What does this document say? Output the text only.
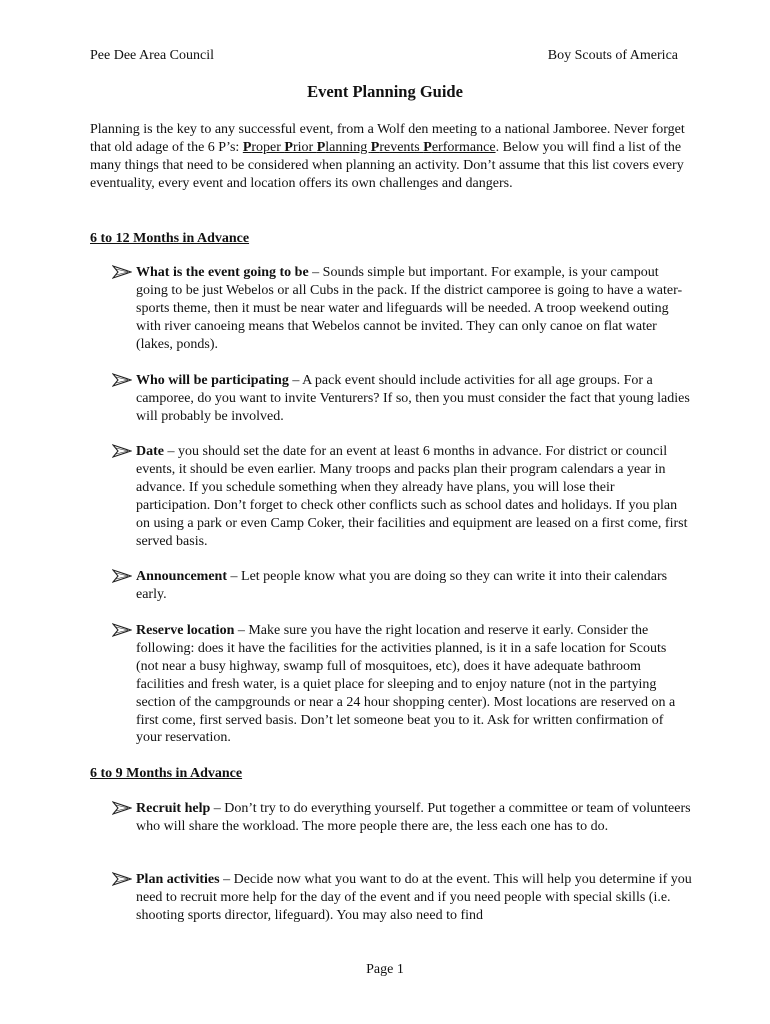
Pee Dee Area Council	Boy Scouts of America
Event Planning Guide
Planning is the key to any successful event, from a Wolf den meeting to a national Jamboree. Never forget that old adage of the 6 P’s: Proper Prior Planning Prevents Performance. Below you will find a list of the many things that need to be considered when planning an activity. Don’t assume that this list covers every eventuality, every event and location offers its own challenges and dangers.
6 to 12 Months in Advance
What is the event going to be – Sounds simple but important. For example, is your campout going to be just Webelos or all Cubs in the pack. If the district camporee is going to have a water-sports theme, then it must be near water and lifeguards will be needed. A troop weekend outing with river canoeing means that Webelos cannot be invited. They can only canoe on flat water (lakes, ponds).
Who will be participating – A pack event should include activities for all age groups. For a camporee, do you want to invite Venturers? If so, then you must consider the fact that young ladies will probably be involved.
Date – you should set the date for an event at least 6 months in advance. For district or council events, it should be even earlier. Many troops and packs plan their program calendars a year in advance. If you schedule something when they already have plans, you will lose their participation. Don’t forget to check other conflicts such as school dates and holidays. If you plan on using a park or even Camp Coker, their facilities and equipment are leased on a first come, first served basis.
Announcement – Let people know what you are doing so they can write it into their calendars early.
Reserve location – Make sure you have the right location and reserve it early. Consider the following: does it have the facilities for the activities planned, is it in a safe location for Scouts (not near a busy highway, swamp full of mosquitoes, etc), does it have adequate bathroom facilities and fresh water, is a quiet place for sleeping and to enjoy nature (not in the partying section of the campgrounds or near a 24 hour shopping center). Most locations are reserved on a first come, first served basis. Don’t let someone beat you to it. Ask for written confirmation of your reservation.
6 to 9 Months in Advance
Recruit help – Don’t try to do everything yourself. Put together a committee or team of volunteers who will share the workload. The more people there are, the less each one has to do.
Plan activities – Decide now what you want to do at the event. This will help you determine if you need to recruit more help for the day of the event and if you need people with special skills (i.e. shooting sports director, lifeguard). You may also need to find
Page 1
